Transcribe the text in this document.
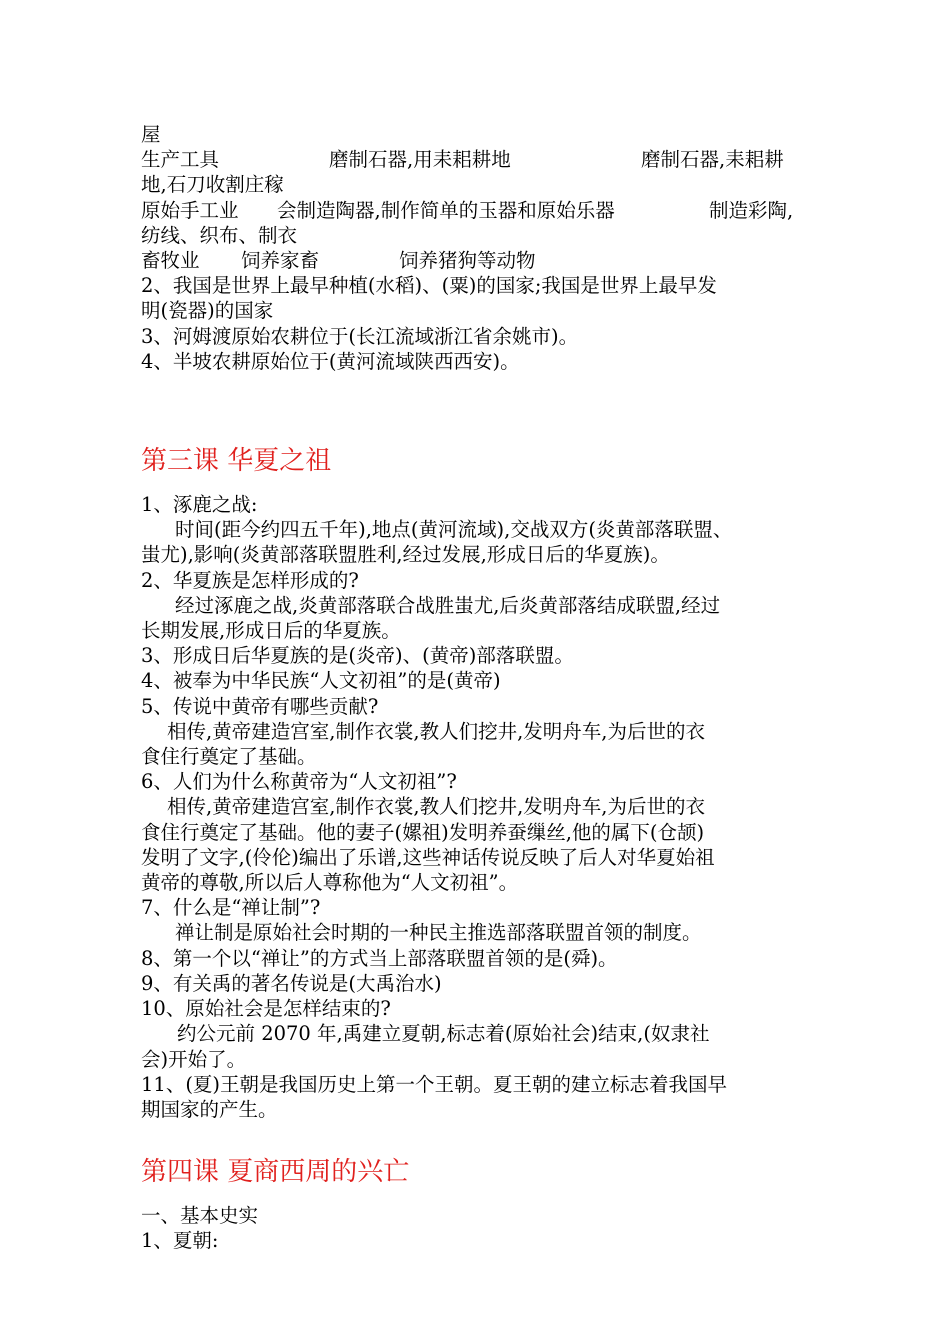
屋
生产工具	磨制石器,用耒耜耕地	磨制石器,耒耜耕
地,石刀收割庄稼
原始手工业	会制造陶器,制作简单的玉器和原始乐器	制造彩陶,
纺线、织布、制衣
畜牧业	饲养家畜	饲养猪狗等动物
2、我国是世界上最早种植(水稻)、(粟)的国家;我国是世界上最早发
明(瓷器)的国家
3、河姆渡原始农耕位于(长江流域浙江省余姚市)。
4、半坡农耕原始位于(黄河流域陕西西安)。
第三课 华夏之祖
1、涿鹿之战:
时间(距今约四五千年),地点(黄河流域),交战双方(炎黄部落联盟、
蚩尤),影响(炎黄部落联盟胜利,经过发展,形成日后的华夏族)。
2、华夏族是怎样形成的?
经过涿鹿之战,炎黄部落联合战胜蚩尤,后炎黄部落结成联盟,经过
长期发展,形成日后的华夏族。
3、形成日后华夏族的是(炎帝)、(黄帝)部落联盟。
4、被奉为中华民族“人文初祖”的是(黄帝)
5、传说中黄帝有哪些贡献?
相传,黄帝建造宫室,制作衣裳,教人们挖井,发明舟车,为后世的衣
食住行奠定了基础。
6、人们为什么称黄帝为“人文初祖”?
相传,黄帝建造宫室,制作衣裳,教人们挖井,发明舟车,为后世的衣
食住行奠定了基础。他的妻子(嫘祖)发明养蚕缫丝,他的属下(仓颉)
发明了文字,(伶伦)编出了乐谱,这些神话传说反映了后人对华夏始祖
黄帝的尊敬,所以后人尊称他为“人文初祖”。
7、什么是“禅让制”?
禅让制是原始社会时期的一种民主推选部落联盟首领的制度。
8、第一个以“禅让”的方式当上部落联盟首领的是(舜)。
9、有关禹的著名传说是(大禹治水)
10、原始社会是怎样结束的?
约公元前 2070 年,禹建立夏朝,标志着(原始社会)结束,(奴隶社
会)开始了。
11、(夏)王朝是我国历史上第一个王朝。夏王朝的建立标志着我国早
期国家的产生。
第四课 夏商西周的兴亡
一、基本史实
1、夏朝:
